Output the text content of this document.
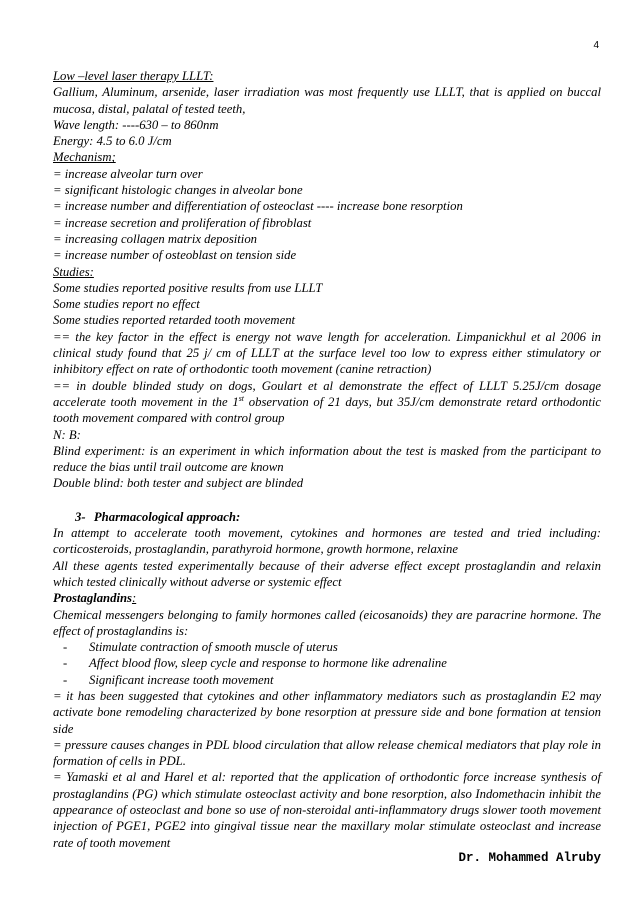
4
Low –level laser therapy LLLT:
Gallium, Aluminum, arsenide, laser irradiation was most frequently use LLLT, that is applied on buccal mucosa, distal, palatal of tested teeth,
Wave length: ----630 – to 860nm
Energy: 4.5 to 6.0 J/cm
Mechanism;
= increase alveolar turn over
= significant histologic changes in alveolar bone
= increase number and differentiation of osteoclast ---- increase bone resorption
= increase secretion and proliferation of fibroblast
= increasing collagen matrix deposition
= increase number of osteoblast on tension side
Studies:
Some studies reported positive results from use LLLT
Some studies report no effect
Some studies reported retarded tooth movement
== the key factor in the effect is energy not wave length for acceleration. Limpanickhul et al 2006 in clinical study found that 25 j/ cm of LLLT at the surface level too low to express either stimulatory or inhibitory effect on rate of orthodontic tooth movement (canine retraction)
== in double blinded study on dogs, Goulart et al demonstrate the effect of LLLT 5.25J/cm dosage accelerate tooth movement in the 1st observation of 21 days, but 35J/cm demonstrate retard orthodontic tooth movement compared with control group
N: B:
Blind experiment: is an experiment in which information about the test is masked from the participant to reduce the bias until trail outcome are known
Double blind: both tester and subject are blinded
3- Pharmacological approach:
In attempt to accelerate tooth movement, cytokines and hormones are tested and tried including: corticosteroids, prostaglandin, parathyroid hormone, growth hormone, relaxine
All these agents tested experimentally because of their adverse effect except prostaglandin and relaxin which tested clinically without adverse or systemic effect
Prostaglandins:
Chemical messengers belonging to family hormones called (eicosanoids) they are paracrine hormone. The effect of prostaglandins is:
- Stimulate contraction of smooth muscle of uterus
- Affect blood flow, sleep cycle and response to hormone like adrenaline
- Significant increase tooth movement
= it has been suggested that cytokines and other inflammatory mediators such as prostaglandin E2 may activate bone remodeling characterized by bone resorption at pressure side and bone formation at tension side
= pressure causes changes in PDL blood circulation that allow release chemical mediators that play role in formation of cells in PDL.
= Yamaski et al and Harel et al: reported that the application of orthodontic force increase synthesis of prostaglandins (PG) which stimulate osteoclast activity and bone resorption, also Indomethacin inhibit the appearance of osteoclast and bone so use of non-steroidal anti-inflammatory drugs slower tooth movement injection of PGE1, PGE2 into gingival tissue near the maxillary molar stimulate osteoclast and increase rate of tooth movement
Dr. Mohammed Alruby
